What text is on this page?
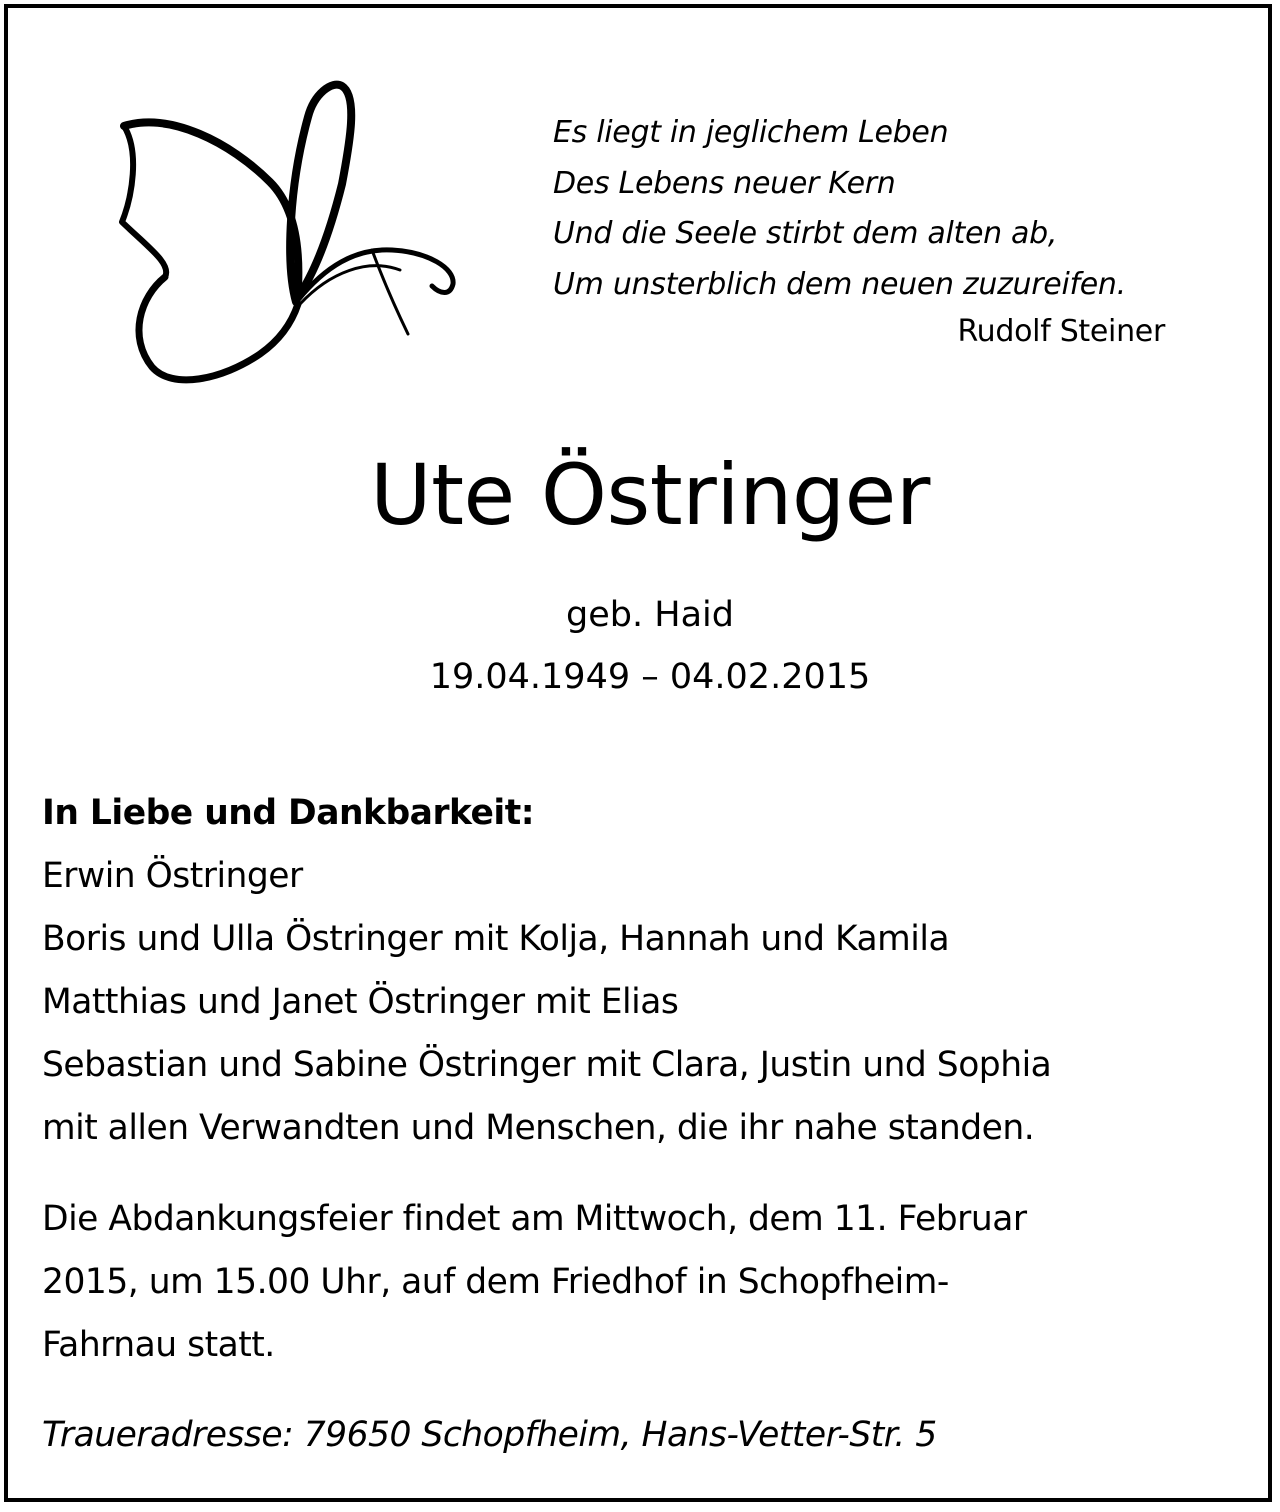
Es liegt in jeglichem Leben
Des Lebens neuer Kern
Und die Seele stirbt dem alten ab,
Um unsterblich dem neuen zuzureifen.
Rudolf Steiner
Ute Östringer
geb. Haid
19.04.1949 – 04.02.2015
In Liebe und Dankbarkeit:
Erwin Östringer
Boris und Ulla Östringer mit Kolja, Hannah und Kamila
Matthias und Janet Östringer mit Elias
Sebastian und Sabine Östringer mit Clara, Justin und Sophia
mit allen Verwandten und Menschen, die ihr nahe standen.
Die Abdankungsfeier findet am Mittwoch, dem 11. Februar
2015, um 15.00 Uhr, auf dem Friedhof in Schopfheim-
Fahrnau statt.
Traueradresse: 79650 Schopfheim, Hans-Vetter-Str. 5
